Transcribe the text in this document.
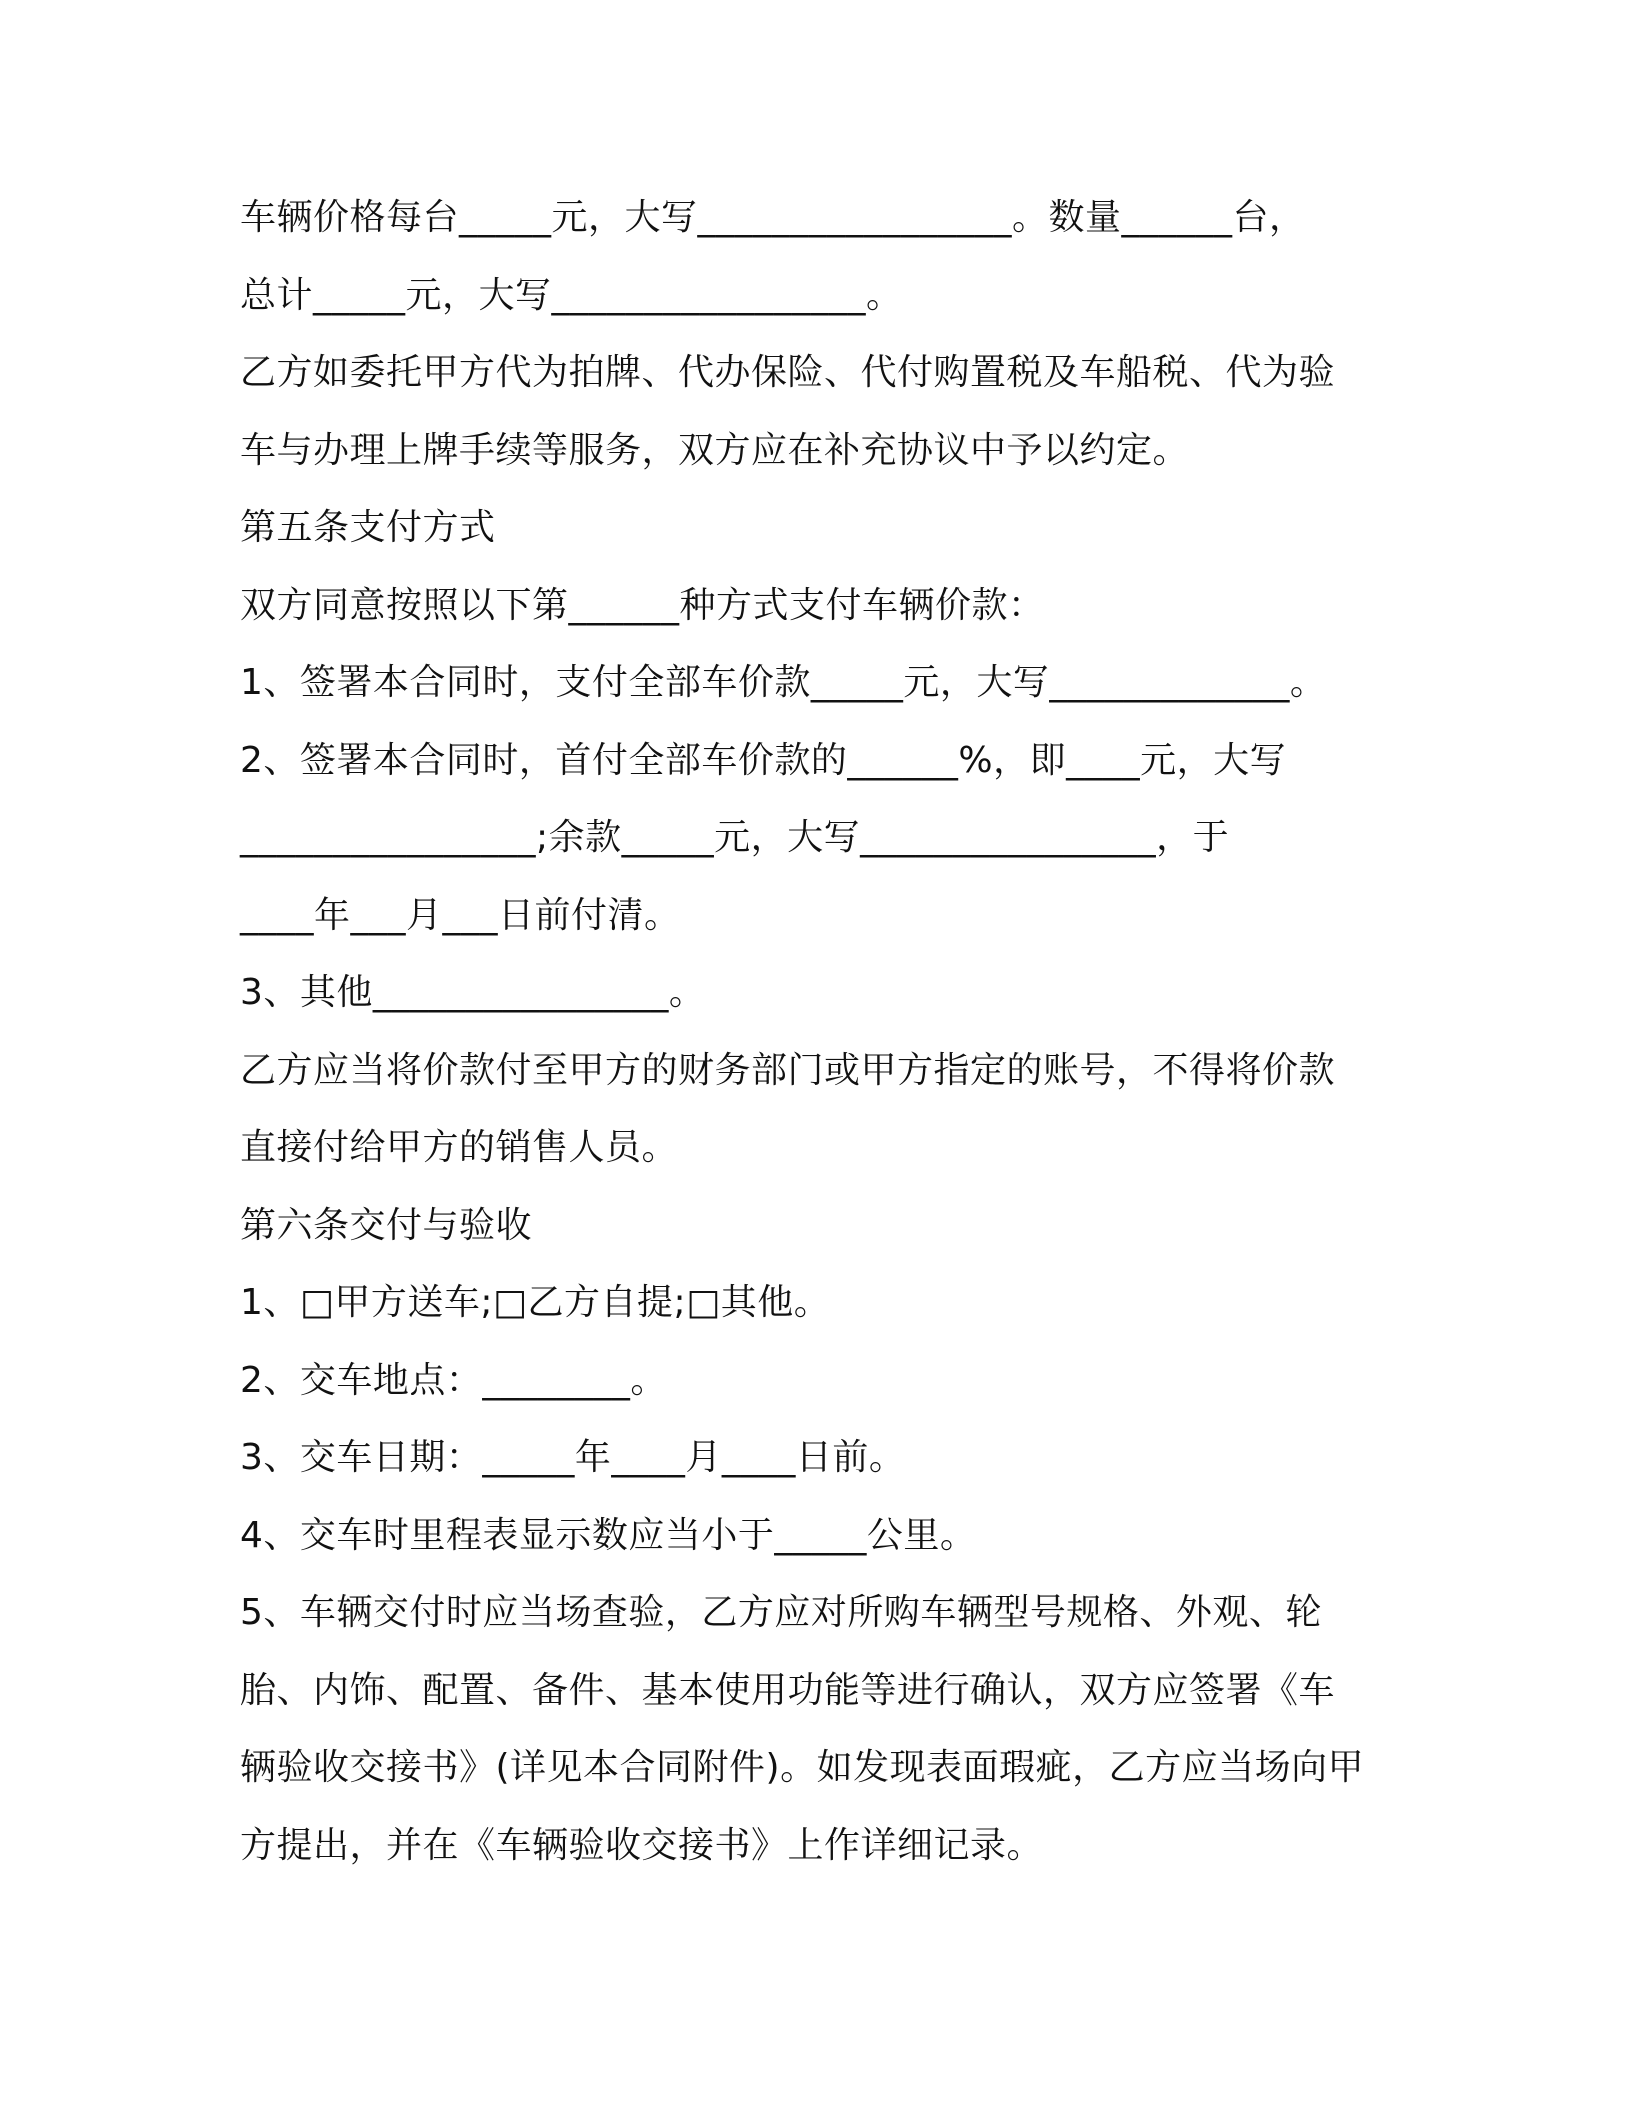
车辆价格每台_____元，大写_________________。数量______台，
总计_____元，大写_________________。
乙方如委托甲方代为拍牌、代办保险、代付购置税及车船税、代为验
车与办理上牌手续等服务，双方应在补充协议中予以约定。
第五条支付方式
双方同意按照以下第______种方式支付车辆价款：
1、签署本合同时，支付全部车价款_____元，大写_____________。
2、签署本合同时，首付全部车价款的______%，即____元，大写
________________;余款_____元，大写________________，于
____年___月___日前付清。
3、其他________________。
乙方应当将价款付至甲方的财务部门或甲方指定的账号，不得将价款
直接付给甲方的销售人员。
第六条交付与验收
1、□甲方送车;□乙方自提;□其他。
2、交车地点：________。
3、交车日期：_____年____月____日前。
4、交车时里程表显示数应当小于_____公里。
5、车辆交付时应当场查验，乙方应对所购车辆型号规格、外观、轮
胎、内饰、配置、备件、基本使用功能等进行确认，双方应签署《车
辆验收交接书》(详见本合同附件)。如发现表面瑕疵，乙方应当场向甲
方提出，并在《车辆验收交接书》上作详细记录。
